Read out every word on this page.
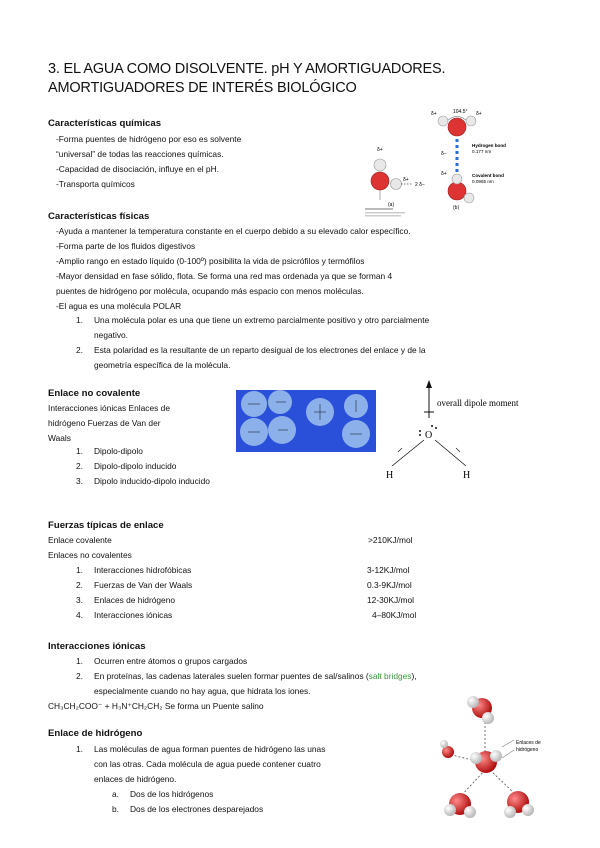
3. EL AGUA COMO DISOLVENTE. pH Y AMORTIGUADORES.
AMORTIGUADORES DE INTERÉS BIOLÓGICO
Características químicas
-Forma puentes de hidrógeno por eso es solvente
“universal” de todas las reacciones químicas.
-Capacidad de disociación, influye en el pH.
-Transporta químicos
δ+
δ+
2 δ−
(a)
104.5°
δ+	δ+
δ−
δ+
Hydrogen bond
0.177 nm
Covalent bond
0.0965 nm
(b)
Características físicas
-Ayuda a mantener la temperatura constante en el cuerpo debido a su elevado calor específico.
-Forma parte de los fluidos digestivos
-Amplio rango en estado líquido (0-100º) posibilita la vida de psicrófilos y termófilos
-Mayor densidad en fase sólido, flota. Se forma una red mas ordenada ya que se forman 4
puentes de hidrógeno por molécula, ocupando más espacio con menos moléculas.
-El agua es una molécula POLAR
1. Una molécula polar es una que tiene un extremo parcialmente positivo y otro parcialmente
negativo.
2. Esta polaridad es la resultante de un reparto desigual de los electrones del enlace y de la
geometría específica de la molécula.
Enlace no covalente
Interacciones iónicas Enlaces de
hidrógeno Fuerzas de Van der
Waals
1. Dipolo-dipolo
2. Dipolo-dipolo inducido
3. Dipolo inducido-dipolo inducido
overall dipole moment
O
H	H
Fuerzas típicas de enlace
Enlace covalente	>210KJ/mol
Enlaces no covalentes
1. Interacciones hidrofóbicas	3-12KJ/mol
2. Fuerzas de Van der Waals	0.3-9KJ/mol
3. Enlaces de hidrógeno	12-30KJ/mol
4. Interacciones iónicas	4–80KJ/mol
Interacciones iónicas
1. Ocurren entre átomos o grupos cargados
2. En proteínas, las cadenas laterales suelen formar puentes de sal/salinos (salt bridges),
especialmente cuando no hay agua, que hidrata los iones.
CH₃CH₂COO⁻ + H₃N⁺CH₂CH₂ Se forma un Puente salino
Enlace de hidrógeno
1. Las moléculas de agua forman puentes de hidrógeno las unas
con las otras. Cada molécula de agua puede contener cuatro
enlaces de hidrógeno.
a. Dos de los hidrógenos
b. Dos de los electrones desparejados
Enlaces de
hidrógeno
